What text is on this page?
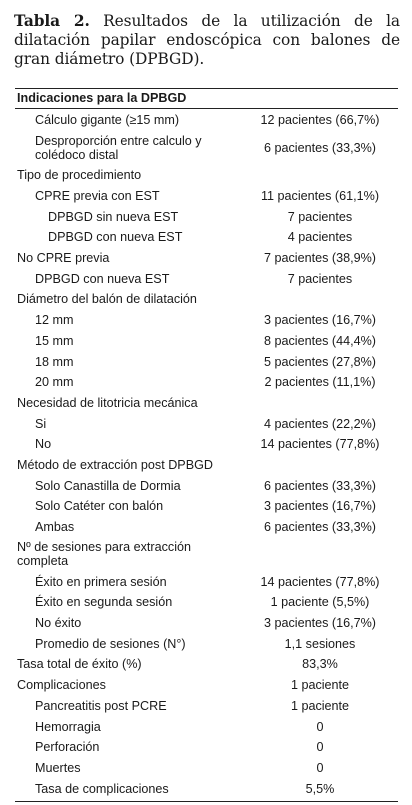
Tabla 2. Resultados de la utilización de la dilatación papilar endoscópica con balones de gran diámetro (DPBGD).
Indicaciones para la DPBGD
Cálculo gigante (≥15 mm)	12 pacientes (66,7%)
Desproporción entre calculo y colédoco distal	6 pacientes (33,3%)
Tipo de procedimiento
CPRE previa con EST	11 pacientes (61,1%)
DPBGD sin nueva EST	7 pacientes
DPBGD con nueva EST	4 pacientes
No CPRE previa	7 pacientes (38,9%)
DPBGD con nueva EST	7 pacientes
Diámetro del balón de dilatación
12 mm	3 pacientes (16,7%)
15 mm	8 pacientes (44,4%)
18 mm	5 pacientes (27,8%)
20 mm	2 pacientes (11,1%)
Necesidad de litotricia mecánica
Si	4 pacientes (22,2%)
No	14 pacientes (77,8%)
Método de extracción post DPBGD
Solo Canastilla de Dormia	6 pacientes (33,3%)
Solo Catéter con balón	3 pacientes (16,7%)
Ambas	6 pacientes (33,3%)
Nº de sesiones para extracción completa
Éxito en primera sesión	14 pacientes (77,8%)
Éxito en segunda sesión	1 paciente (5,5%)
No éxito	3 pacientes (16,7%)
Promedio de sesiones (N°)	1,1 sesiones
Tasa total de éxito (%)	83,3%
Complicaciones	1 paciente
Pancreatitis post PCRE	1 paciente
Hemorragia	0
Perforación	0
Muertes	0
Tasa de complicaciones	5,5%
